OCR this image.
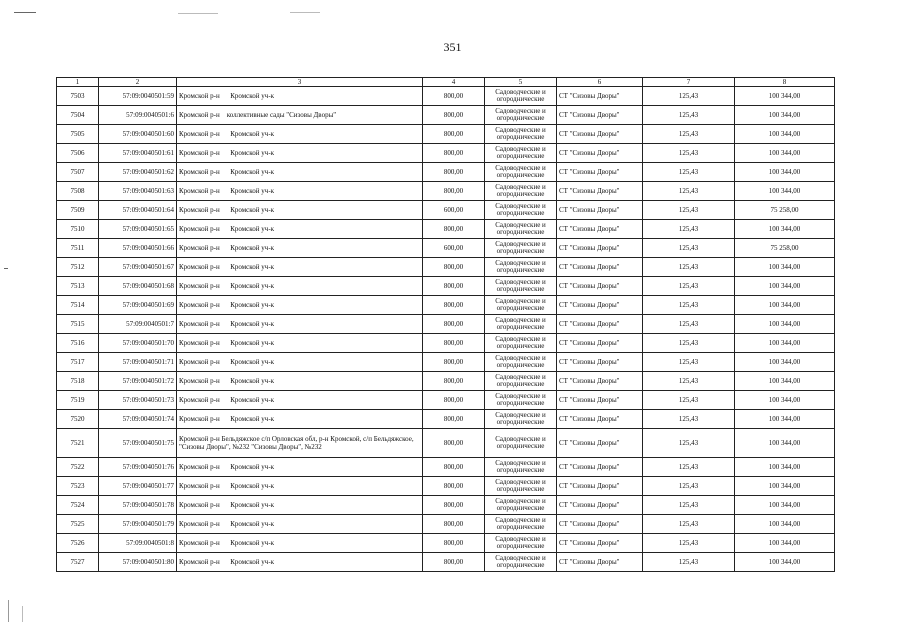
351
1	2	3	4	5	6	7	8
7503	57:09:0040501:59	Кромской р-н      Кромской уч-к	800,00	Садоводческие и огороднические	СТ "Сизовы Дворы"	125,43	100 344,00
7504	57:09:0040501:6	Кромской р-н    коллективные сады "Сизовы Дворы"	800,00	Садоводческие и огороднические	СТ "Сизовы Дворы"	125,43	100 344,00
7505	57:09:0040501:60	Кромской р-н      Кромской уч-к	800,00	Садоводческие и огороднические	СТ "Сизовы Дворы"	125,43	100 344,00
7506	57:09:0040501:61	Кромской р-н      Кромской уч-к	800,00	Садоводческие и огороднические	СТ "Сизовы Дворы"	125,43	100 344,00
7507	57:09:0040501:62	Кромской р-н      Кромской уч-к	800,00	Садоводческие и огороднические	СТ "Сизовы Дворы"	125,43	100 344,00
7508	57:09:0040501:63	Кромской р-н      Кромской уч-к	800,00	Садоводческие и огороднические	СТ "Сизовы Дворы"	125,43	100 344,00
7509	57:09:0040501:64	Кромской р-н      Кромской уч-к	600,00	Садоводческие и огороднические	СТ "Сизовы Дворы"	125,43	75 258,00
7510	57:09:0040501:65	Кромской р-н      Кромской уч-к	800,00	Садоводческие и огороднические	СТ "Сизовы Дворы"	125,43	100 344,00
7511	57:09:0040501:66	Кромской р-н      Кромской уч-к	600,00	Садоводческие и огороднические	СТ "Сизовы Дворы"	125,43	75 258,00
7512	57:09:0040501:67	Кромской р-н      Кромской уч-к	800,00	Садоводческие и огороднические	СТ "Сизовы Дворы"	125,43	100 344,00
7513	57:09:0040501:68	Кромской р-н      Кромской уч-к	800,00	Садоводческие и огороднические	СТ "Сизовы Дворы"	125,43	100 344,00
7514	57:09:0040501:69	Кромской р-н      Кромской уч-к	800,00	Садоводческие и огороднические	СТ "Сизовы Дворы"	125,43	100 344,00
7515	57:09:0040501:7	Кромской р-н      Кромской уч-к	800,00	Садоводческие и огороднические	СТ "Сизовы Дворы"	125,43	100 344,00
7516	57:09:0040501:70	Кромской р-н      Кромской уч-к	800,00	Садоводческие и огороднические	СТ "Сизовы Дворы"	125,43	100 344,00
7517	57:09:0040501:71	Кромской р-н      Кромской уч-к	800,00	Садоводческие и огороднические	СТ "Сизовы Дворы"	125,43	100 344,00
7518	57:09:0040501:72	Кромской р-н      Кромской уч-к	800,00	Садоводческие и огороднические	СТ "Сизовы Дворы"	125,43	100 344,00
7519	57:09:0040501:73	Кромской р-н      Кромской уч-к	800,00	Садоводческие и огороднические	СТ "Сизовы Дворы"	125,43	100 344,00
7520	57:09:0040501:74	Кромской р-н      Кромской уч-к	800,00	Садоводческие и огороднические	СТ "Сизовы Дворы"	125,43	100 344,00
7521	57:09:0040501:75	Кромской р-н Бельдяжское с/п Орловская обл, р-н Кромской, с/п Бельдяжское, "Сизовы Дворы", №232 "Сизовы Дворы", №232	800,00	Садоводческие и огороднические	СТ "Сизовы Дворы"	125,43	100 344,00
7522	57:09:0040501:76	Кромской р-н      Кромской уч-к	800,00	Садоводческие и огороднические	СТ "Сизовы Дворы"	125,43	100 344,00
7523	57:09:0040501:77	Кромской р-н      Кромской уч-к	800,00	Садоводческие и огороднические	СТ "Сизовы Дворы"	125,43	100 344,00
7524	57:09:0040501:78	Кромской р-н      Кромской уч-к	800,00	Садоводческие и огороднические	СТ "Сизовы Дворы"	125,43	100 344,00
7525	57:09:0040501:79	Кромской р-н      Кромской уч-к	800,00	Садоводческие и огороднические	СТ "Сизовы Дворы"	125,43	100 344,00
7526	57:09:0040501:8	Кромской р-н      Кромской уч-к	800,00	Садоводческие и огороднические	СТ "Сизовы Дворы"	125,43	100 344,00
7527	57:09:0040501:80	Кромской р-н      Кромской уч-к	800,00	Садоводческие и огороднические	СТ "Сизовы Дворы"	125,43	100 344,00
